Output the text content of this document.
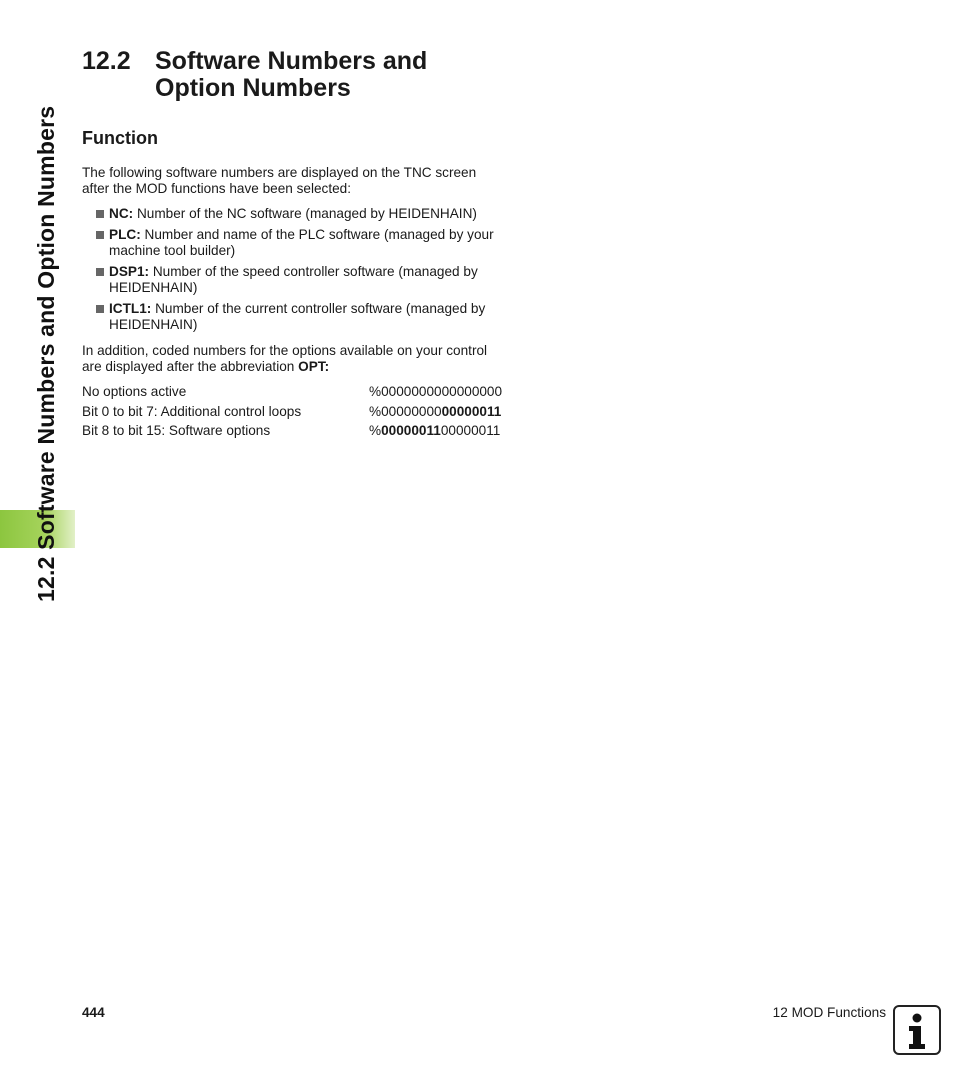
12.2 Software Numbers and Option Numbers
12.2 Software Numbers and
Option Numbers
Function
The following software numbers are displayed on the TNC screen
after the MOD functions have been selected:
NC: Number of the NC software (managed by HEIDENHAIN)
PLC: Number and name of the PLC software (managed by your
machine tool builder)
DSP1: Number of the speed controller software (managed by
HEIDENHAIN)
ICTL1: Number of the current controller software (managed by
HEIDENHAIN)
In addition, coded numbers for the options available on your control
are displayed after the abbreviation OPT:
No options active	%0000000000000000
Bit 0 to bit 7: Additional control loops	%0000000000000011
Bit 8 to bit 15: Software options	%0000001100000011
444	12 MOD Functions
